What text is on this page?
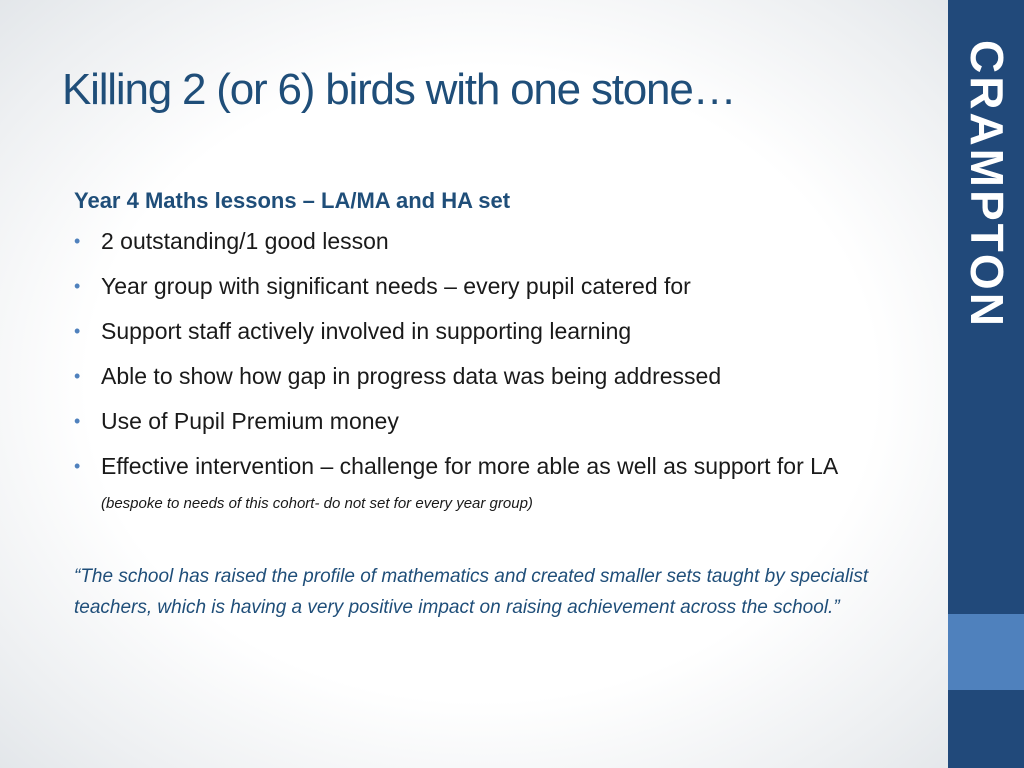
Killing 2 (or 6) birds with one stone…

Year 4 Maths lessons – LA/MA and HA set

• 2 outstanding/1 good lesson
• Year group with significant needs – every pupil catered for
• Support staff actively involved in supporting learning
• Able to show how gap in progress data was being addressed
• Use of Pupil Premium money
• Effective intervention – challenge for more able as well as support for LA (bespoke to needs of this cohort- do not set for every year group)

“The school has raised the profile of mathematics and created smaller sets taught by specialist teachers, which is having a very positive impact on raising achievement across the school.”

CRAMPTON
